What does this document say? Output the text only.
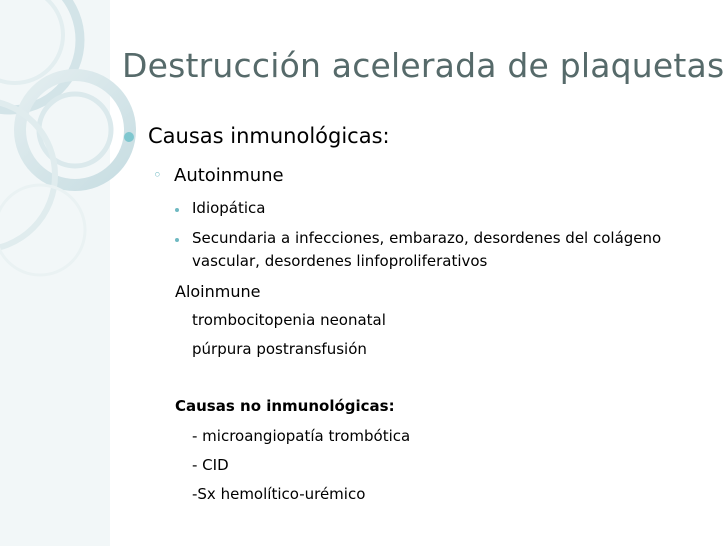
Destrucción acelerada de plaquetas
Causas inmunológicas:
◦ Autoinmune
Idiopática
Secundaria a infecciones, embarazo, desordenes del colágeno
vascular, desordenes linfoproliferativos
Aloinmune
trombocitopenia neonatal
púrpura postransfusión
Causas no inmunológicas:
- microangiopatía trombótica
- CID
-Sx hemolítico-urémico
